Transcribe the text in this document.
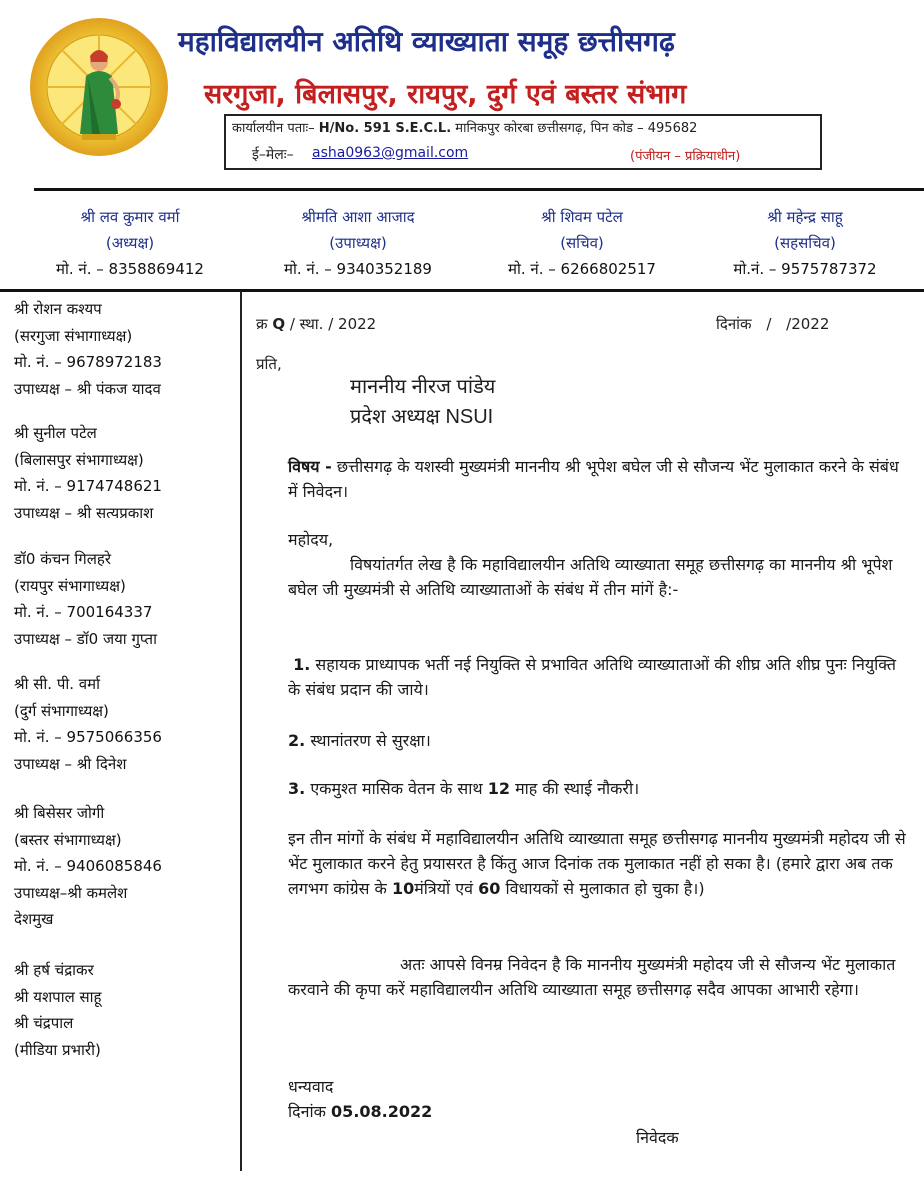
महाविद्यालयीन अतिथि व्याख्याता समूह छत्तीसगढ़
सरगुजा, बिलासपुर, रायपुर, दुर्ग एवं बस्तर संभाग
कार्यालयीन पताः– H/No. 591 S.E.C.L. मानिकपुर कोरबा छत्तीसगढ़, पिन कोड – 495682
ई–मेलः– asha0963@gmail.com	(पंजीयन – प्रक्रियाधीन)
श्री लव कुमार वर्मा
(अध्यक्ष)
मो. नं. – 8358869412
श्रीमति आशा आजाद
(उपाध्यक्ष)
मो. नं. – 9340352189
श्री शिवम पटेल
(सचिव)
मो. नं. – 6266802517
श्री महेन्द्र साहू
(सहसचिव)
मो.नं. – 9575787372
श्री रोशन कश्यप
(सरगुजा संभागाध्यक्ष)
मो. नं. – 9678972183
उपाध्यक्ष – श्री पंकज यादव
श्री सुनील पटेल
(बिलासपुर संभागाध्यक्ष)
मो. नं. – 9174748621
उपाध्यक्ष – श्री सत्यप्रकाश
डॉ0 कंचन गिलहरे
(रायपुर संभागाध्यक्ष)
मो. नं. – 700164337
उपाध्यक्ष – डॉ0 जया गुप्ता
श्री सी. पी. वर्मा
(दुर्ग संभागाध्यक्ष)
मो. नं. – 9575066356
उपाध्यक्ष – श्री दिनेश
श्री बिसेसर जोगी
(बस्तर संभागाध्यक्ष)
मो. नं. – 9406085846
उपाध्यक्ष–श्री कमलेश
देशमुख
श्री हर्ष चंद्राकर
श्री यशपाल साहू
श्री चंद्रपाल
(मीडिया प्रभारी)
क्र Q / स्था. / 2022	दिनांक / /2022
प्रति,
माननीय नीरज पांडेय
प्रदेश अध्यक्ष NSUI
विषय - छत्तीसगढ़ के यशस्वी मुख्यमंत्री माननीय श्री भूपेश बघेल जी से सौजन्य भेंट मुलाकात करने के संबंध में निवेदन।
महोदय,
विषयांतर्गत लेख है कि महाविद्यालयीन अतिथि व्याख्याता समूह छत्तीसगढ़ का माननीय श्री भूपेश बघेल जी मुख्यमंत्री से अतिथि व्याख्याताओं के संबंध में तीन मांगें है:-
1. सहायक प्राध्यापक भर्ती नई नियुक्ति से प्रभावित अतिथि व्याख्याताओं की शीघ्र अति शीघ्र पुनः नियुक्ति के संबंध प्रदान की जाये।
2. स्थानांतरण से सुरक्षा।
3. एकमुश्त मासिक वेतन के साथ 12 माह की स्थाई नौकरी।
इन तीन मांगों के संबंध में महाविद्यालयीन अतिथि व्याख्याता समूह छत्तीसगढ़ माननीय मुख्यमंत्री महोदय जी से भेंट मुलाकात करने हेतु प्रयासरत है किंतु आज दिनांक तक मुलाकात नहीं हो सका है। (हमारे द्वारा अब तक लगभग कांग्रेस के 10मंत्रियों एवं 60 विधायकों से मुलाकात हो चुका है।)
अतः आपसे विनम्र निवेदन है कि माननीय मुख्यमंत्री महोदय जी से सौजन्य भेंट मुलाकात करवाने की कृपा करें महाविद्यालयीन अतिथि व्याख्याता समूह छत्तीसगढ़ सदैव आपका आभारी रहेगा।
धन्यवाद
दिनांक 05.08.2022
निवेदक
